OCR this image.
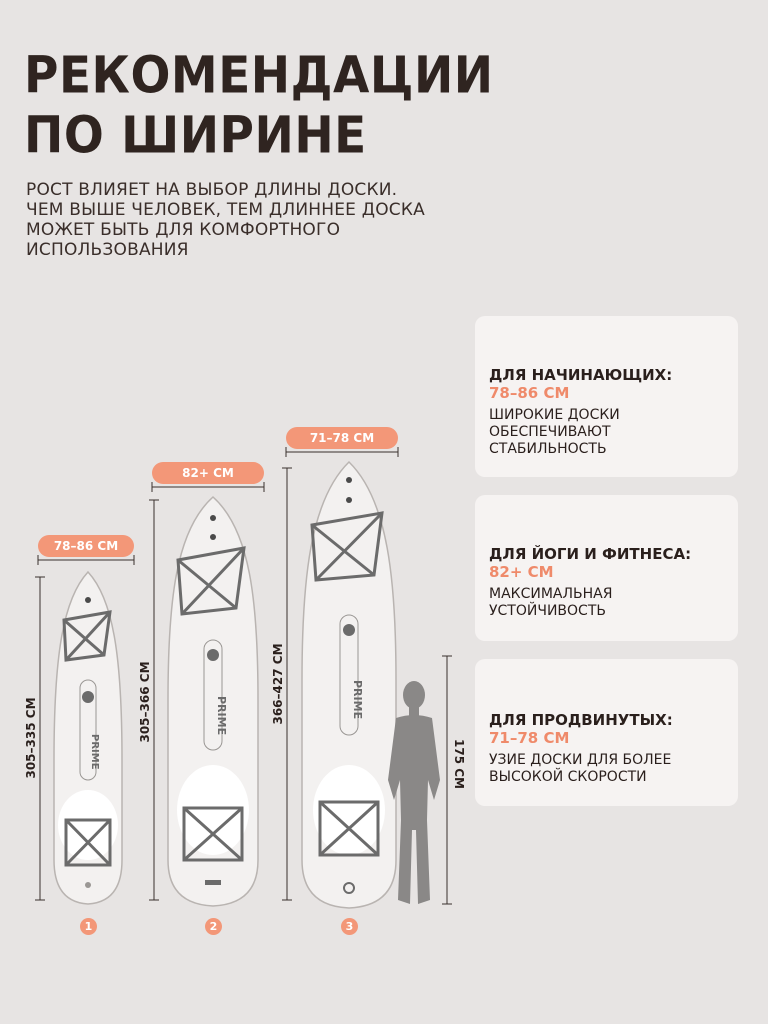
РЕКОМЕНДАЦИИ
ПО ШИРИНЕ

РОСТ ВЛИЯЕТ НА ВЫБОР ДЛИНЫ ДОСКИ.
ЧЕМ ВЫШЕ ЧЕЛОВЕК, ТЕМ ДЛИННЕЕ ДОСКА
МОЖЕТ БЫТЬ ДЛЯ КОМФОРТНОГО
ИСПОЛЬЗОВАНИЯ

PRIME
PRIME	PRIME
78–86 СМ
82+ СМ
71–78 СМ
305–335 СМ	305–366 СМ	366–427 СМ
175 СМ
1	2	3
ДЛЯ НАЧИНАЮЩИХ:
78–86 СМ
ШИРОКИЕ ДОСКИ
ОБЕСПЕЧИВАЮТ
СТАБИЛЬНОСТЬ
ДЛЯ ЙОГИ И ФИТНЕСА:
82+ СМ
МАКСИМАЛЬНАЯ
УСТОЙЧИВОСТЬ
ДЛЯ ПРОДВИНУТЫХ:
71–78 СМ
УЗИЕ ДОСКИ ДЛЯ БОЛЕЕ
ВЫСОКОЙ СКОРОСТИ
